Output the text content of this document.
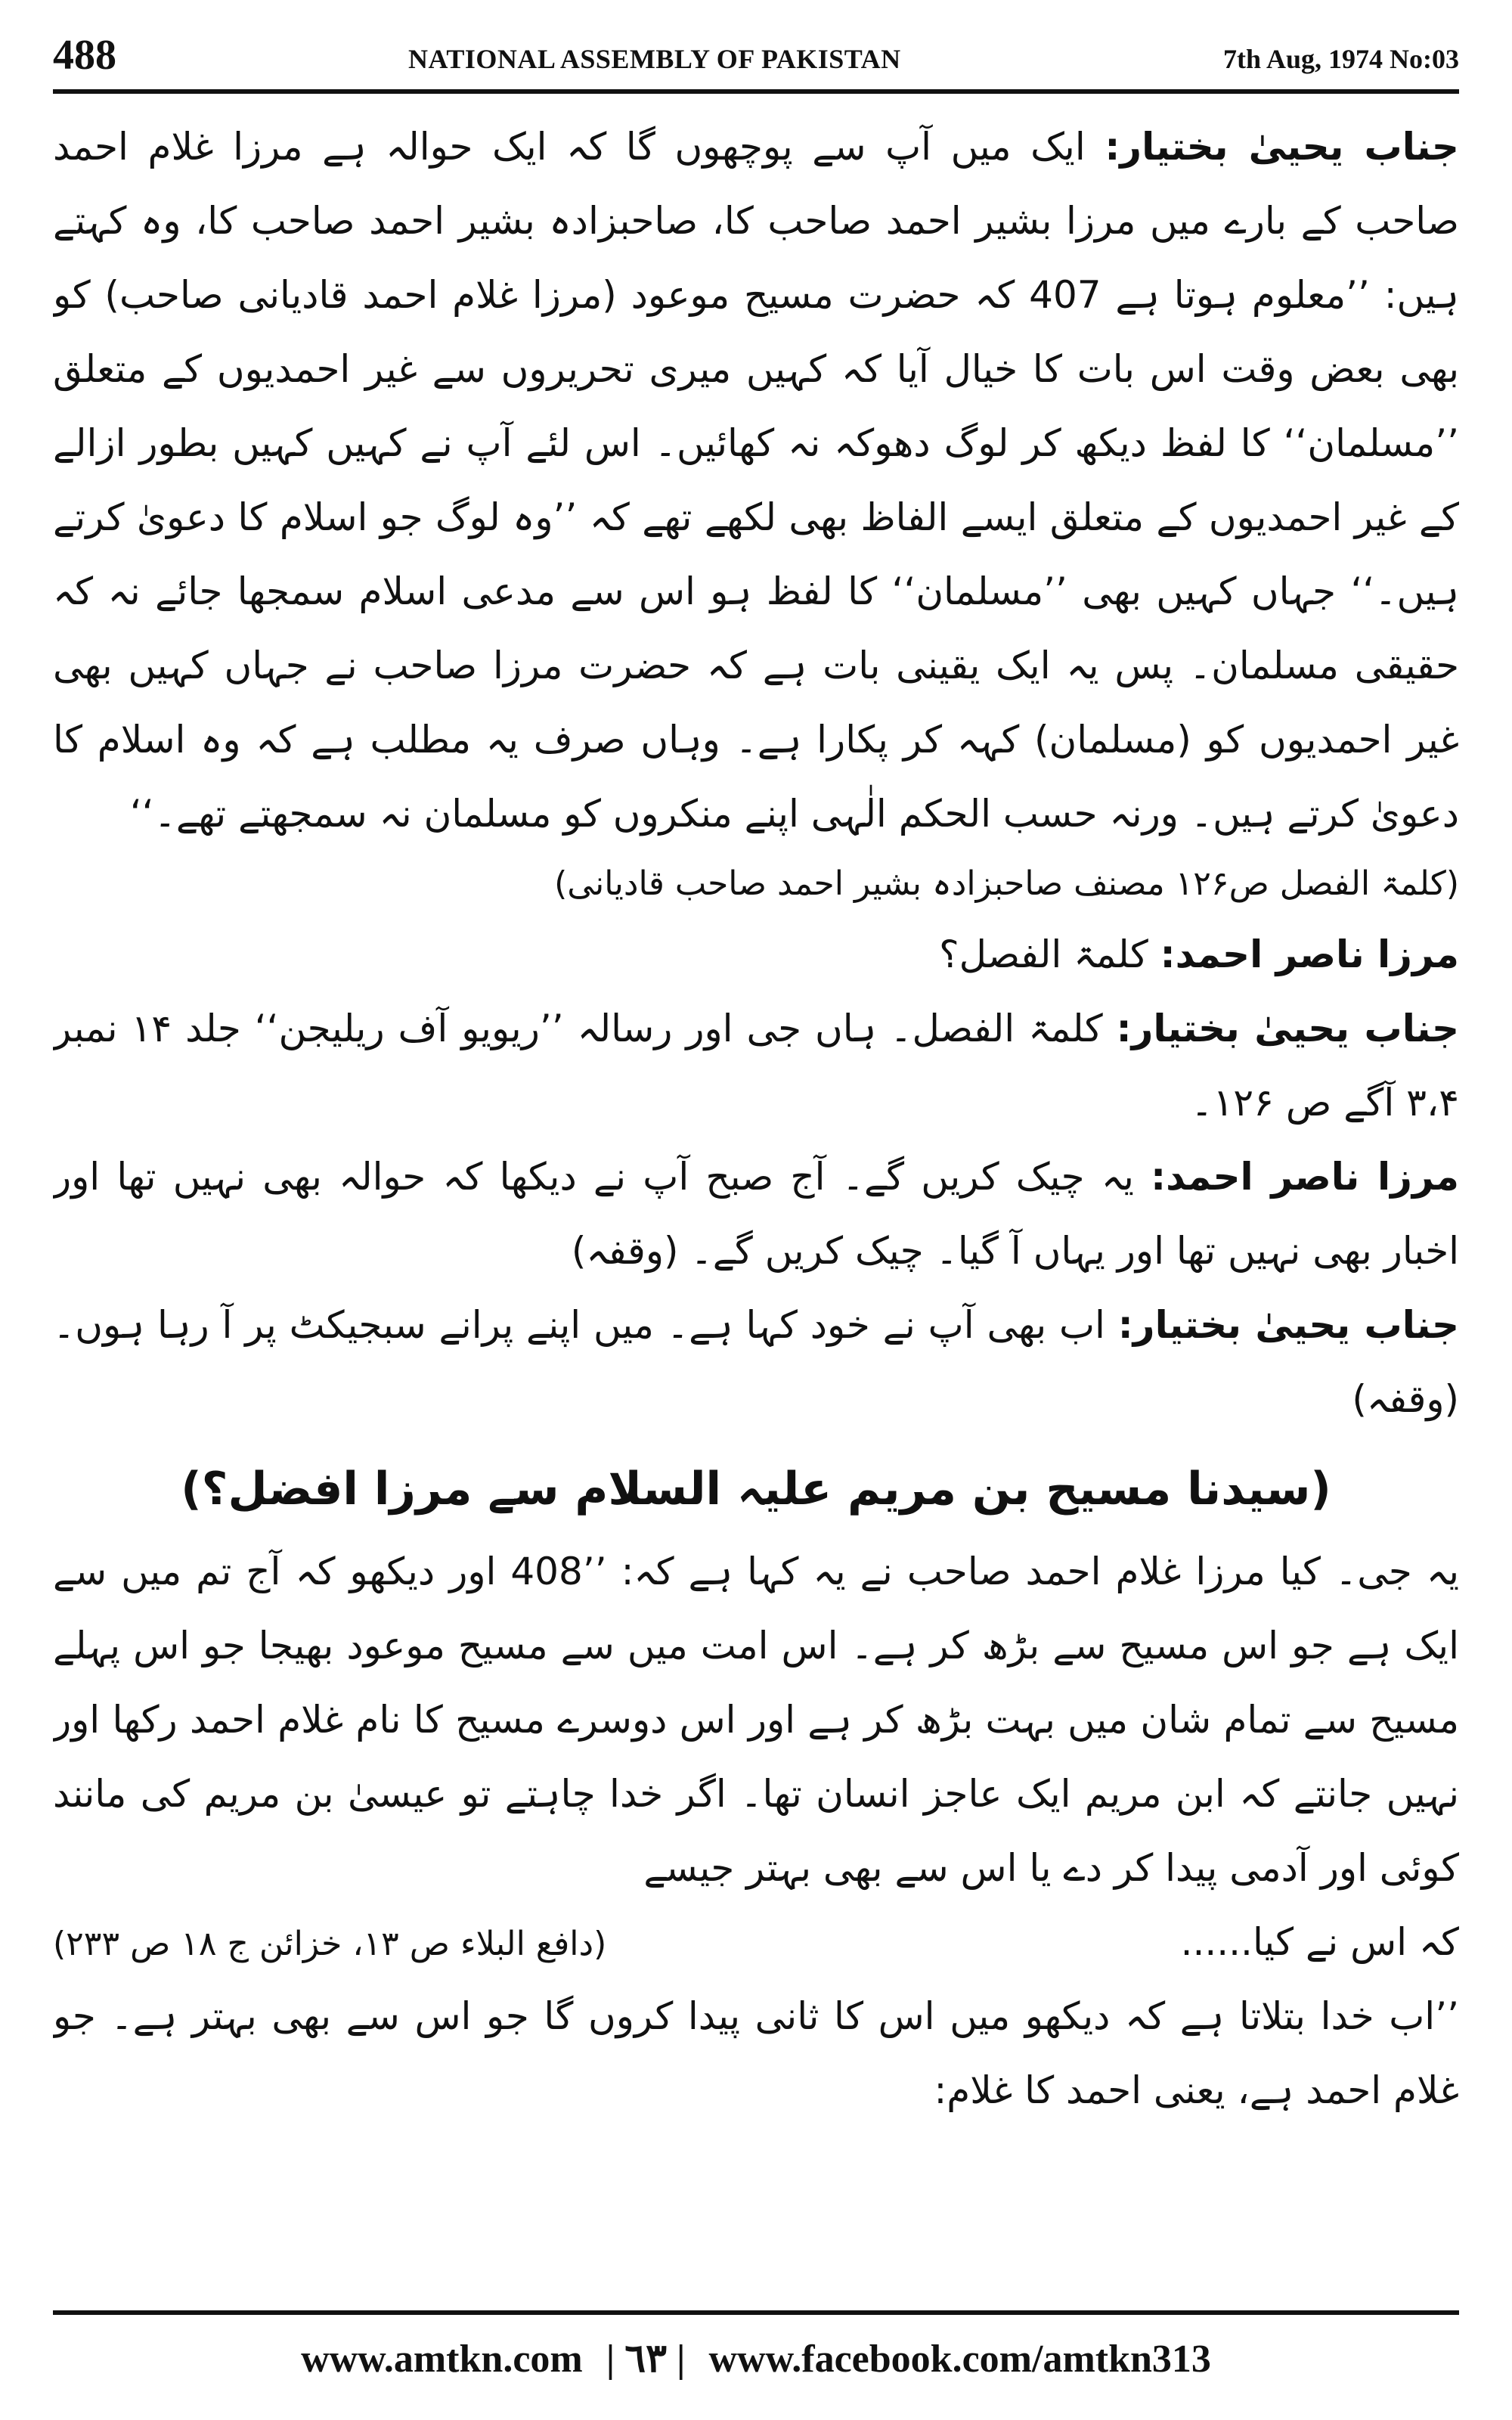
488	NATIONAL ASSEMBLY OF PAKISTAN	7th Aug, 1974 No:03

جناب یحییٰ بختیار: ایک میں آپ سے پوچھوں گا کہ ایک حوالہ ہے مرزا غلام احمد صاحب کے بارے میں مرزا بشیر احمد صاحب کا، صاحبزادہ بشیر احمد صاحب کا، وہ کہتے ہیں: ’’معلوم ہوتا ہے 407 کہ حضرت مسیح موعود (مرزا غلام احمد قادیانی صاحب) کو بھی بعض وقت اس بات کا خیال آیا کہ کہیں میری تحریروں سے غیر احمدیوں کے متعلق ’’مسلمان‘‘ کا لفظ دیکھ کر لوگ دھوکہ نہ کھائیں۔ اس لئے آپ نے کہیں کہیں بطور ازالے کے غیر احمدیوں کے متعلق ایسے الفاظ بھی لکھے تھے کہ ’’وہ لوگ جو اسلام کا دعویٰ کرتے ہیں۔‘‘ جہاں کہیں بھی ’’مسلمان‘‘ کا لفظ ہو اس سے مدعی اسلام سمجھا جائے نہ کہ حقیقی مسلمان۔ پس یہ ایک یقینی بات ہے کہ حضرت مرزا صاحب نے جہاں کہیں بھی غیر احمدیوں کو (مسلمان) کہہ کر پکارا ہے۔ وہاں صرف یہ مطلب ہے کہ وہ اسلام کا دعویٰ کرتے ہیں۔ ورنہ حسب الحکم الٰہی اپنے منکروں کو مسلمان نہ سمجھتے تھے۔‘‘

(کلمۃ الفصل ص۱۲۶ مصنف صاحبزادہ بشیر احمد صاحب قادیانی)

مرزا ناصر احمد: کلمۃ الفصل؟

جناب یحییٰ بختیار: کلمۃ الفصل۔ ہاں جی اور رسالہ ’’ریویو آف ریلیجن‘‘ جلد ۱۴ نمبر ۳،۴ آگے ص ۱۲۶۔

مرزا ناصر احمد: یہ چیک کریں گے۔ آج صبح آپ نے دیکھا کہ حوالہ بھی نہیں تھا اور اخبار بھی نہیں تھا اور یہاں آ گیا۔ چیک کریں گے۔ (وقفہ)

جناب یحییٰ بختیار: اب بھی آپ نے خود کہا ہے۔ میں اپنے پرانے سبجیکٹ پر آ رہا ہوں۔ (وقفہ)

(سیدنا مسیح بن مریم علیہ السلام سے مرزا افضل؟)

یہ جی۔ کیا مرزا غلام احمد صاحب نے یہ کہا ہے کہ: ’’408 اور دیکھو کہ آج تم میں سے ایک ہے جو اس مسیح سے بڑھ کر ہے۔ اس امت میں سے مسیح موعود بھیجا جو اس پہلے مسیح سے تمام شان میں بہت بڑھ کر ہے اور اس دوسرے مسیح کا نام غلام احمد رکھا اور نہیں جانتے کہ ابن مریم ایک عاجز انسان تھا۔ اگر خدا چاہتے تو عیسیٰ بن مریم کی مانند کوئی اور آدمی پیدا کر دے یا اس سے بھی بہتر جیسے

کہ اس نے کیا......
(دافع البلاء ص ۱۳، خزائن ج ۱۸ ص ۲۳۳)

’’اب خدا بتلاتا ہے کہ دیکھو میں اس کا ثانی پیدا کروں گا جو اس سے بھی بہتر ہے۔ جو غلام احمد ہے، یعنی احمد کا غلام:

www.amtkn.com | ٦٣ | www.facebook.com/amtkn313
